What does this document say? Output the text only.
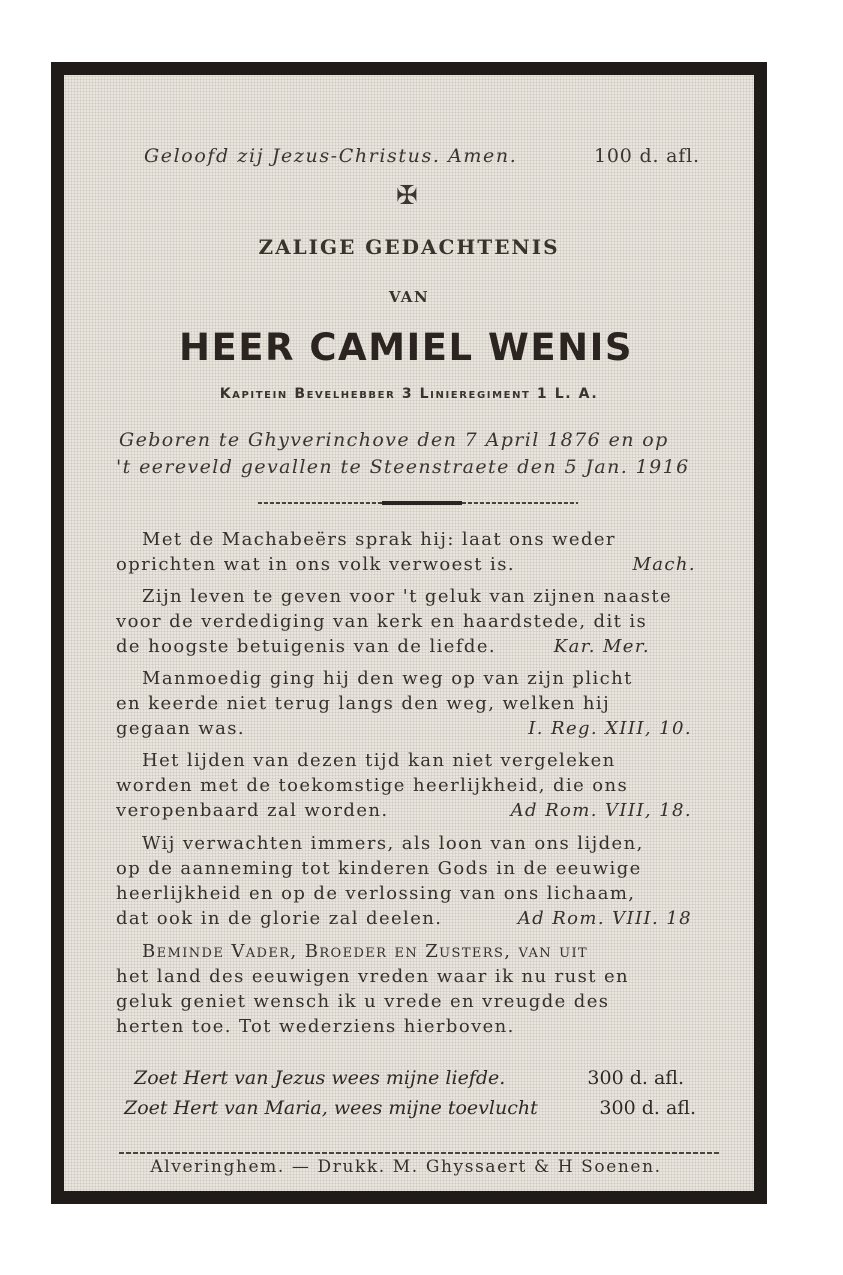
Geloofd zij Jezus-Christus. Amen.	100 d. afl.
✠
ZALIGE GEDACHTENIS
VAN
HEER CAMIEL WENIS
Kapitein Bevelhebber 3 Linieregiment 1 L. A.
Geboren te Ghyverinchove den 7 April 1876 en op
't eereveld gevallen te Steenstraete den 5 Jan. 1916
Met de Machabeërs sprak hij: laat ons weder
oprichten wat in ons volk verwoest is.	Mach.
Zijn leven te geven voor 't geluk van zijnen naaste
voor de verdediging van kerk en haardstede, dit is
de hoogste betuigenis van de liefde.	Kar. Mer.
Manmoedig ging hij den weg op van zijn plicht
en keerde niet terug langs den weg, welken hij
gegaan was.	I. Reg. XIII, 10.
Het lijden van dezen tijd kan niet vergeleken
worden met de toekomstige heerlijkheid, die ons
veropenbaard zal worden.	Ad Rom. VIII, 18.
Wij verwachten immers, als loon van ons lijden,
op de aanneming tot kinderen Gods in de eeuwige
heerlijkheid en op de verlossing van ons lichaam,
dat ook in de glorie zal deelen.	Ad Rom. VIII. 18
Beminde Vader, Broeder en Zusters, van uit
het land des eeuwigen vreden waar ik nu rust en
geluk geniet wensch ik u vrede en vreugde des
herten toe. Tot wederziens hierboven.
Zoet Hert van Jezus wees mijne liefde.	300 d. afl.
Zoet Hert van Maria, wees mijne toevlucht	300 d. afl.
Alveringhem. — Drukk. M. Ghyssaert & H Soenen.
